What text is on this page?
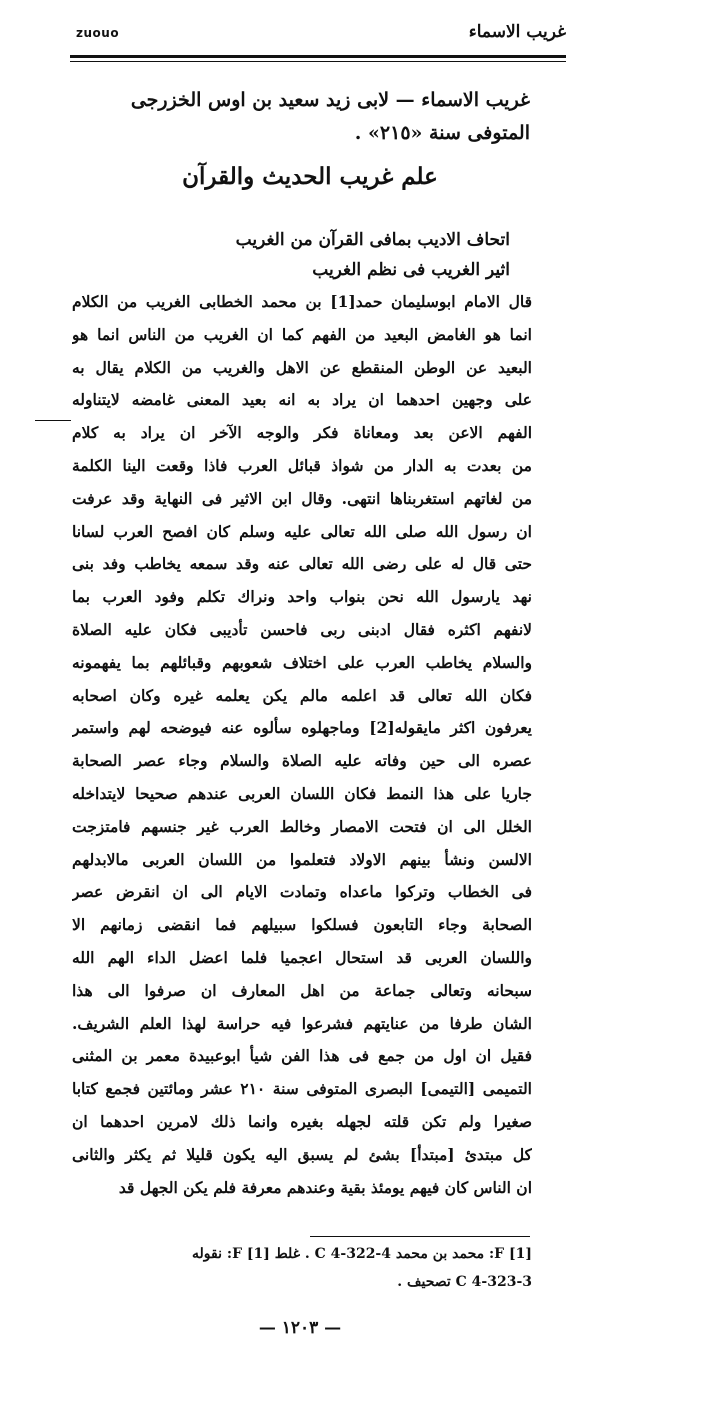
zuouo	غريب الاسماء
غريب الاسماء — لابى زيد سعيد بن اوس الخزرجى المتوفى سنة «٢١٥» .
علم غريب الحديث والقرآن
اتحاف الاديب بمافى القرآن من الغريب
اثير الغريب فى نظم الغريب
قال الامام ابوسليمان حمد[1] بن محمد الخطابى الغريب من الكلام
انما هو الغامض البعيد من الفهم كما ان الغريب من الناس انما هو
البعيد عن الوطن المنقطع عن الاهل والغريب من الكلام يقال به
على وجهين احدهما ان يراد به انه بعيد المعنى غامضه لايتناوله
الفهم الاعن بعد ومعاناة فكر والوجه الآخر ان يراد به كلام
من بعدت به الدار من شواذ قبائل العرب فاذا وقعت الينا الكلمة
من لغاتهم استغربناها انتهى. وقال ابن الاثير فى النهاية وقد عرفت
ان رسول الله صلى الله تعالى عليه وسلم كان افصح العرب لسانا
حتى قال له على رضى الله تعالى عنه وقد سمعه يخاطب وفد بنى
نهد يارسول الله نحن بنواب واحد ونراك تكلم وفود العرب بما
لانفهم اكثره فقال ادبنى ربى فاحسن تأديبى فكان عليه الصلاة
والسلام يخاطب العرب على اختلاف شعوبهم وقبائلهم بما يفهمونه
فكان الله تعالى قد اعلمه مالم يكن يعلمه غيره وكان اصحابه
يعرفون اكثر مايقوله[2] وماجهلوه سألوه عنه فيوضحه لهم واستمر
عصره الى حين وفاته عليه الصلاة والسلام وجاء عصر الصحابة
جاريا على هذا النمط فكان اللسان العربى عندهم صحيحا لايتداخله
الخلل الى ان فتحت الامصار وخالط العرب غير جنسهم فامتزجت
الالسن ونشأ بينهم الاولاد فتعلموا من اللسان العربى مالابدلهم
فى الخطاب وتركوا ماعداه وتمادت الايام الى ان انقرض عصر
الصحابة وجاء التابعون فسلكوا سبيلهم فما انقضى زمانهم الا
واللسان العربى قد استحال اعجميا فلما اعضل الداء الهم الله
سبحانه وتعالى جماعة من اهل المعارف ان صرفوا الى هذا
الشان طرفا من عنايتهم فشرعوا فيه حراسة لهذا العلم الشريف.
فقيل ان اول من جمع فى هذا الفن شيأ ابوعبيدة معمر بن المثنى
التميمى [التيمى] البصرى المتوفى سنة ٢١٠ عشر ومائتين فجمع كتابا
صغيرا ولم تكن قلته لجهله بغيره وانما ذلك لامرين احدهما ان
كل مبتدئ [مبتدأ] بشئ لم يسبق اليه يكون قليلا ثم يكثر والثانى
ان الناس كان فيهم يومئذ بقية وعندهم معرفة فلم يكن الجهل قد
[1] F: محمد بن محمد C 4-322-4 . غلط [1] F: نقوله
C 4-323-3 تصحيف .
— ١٢٠٣ —
